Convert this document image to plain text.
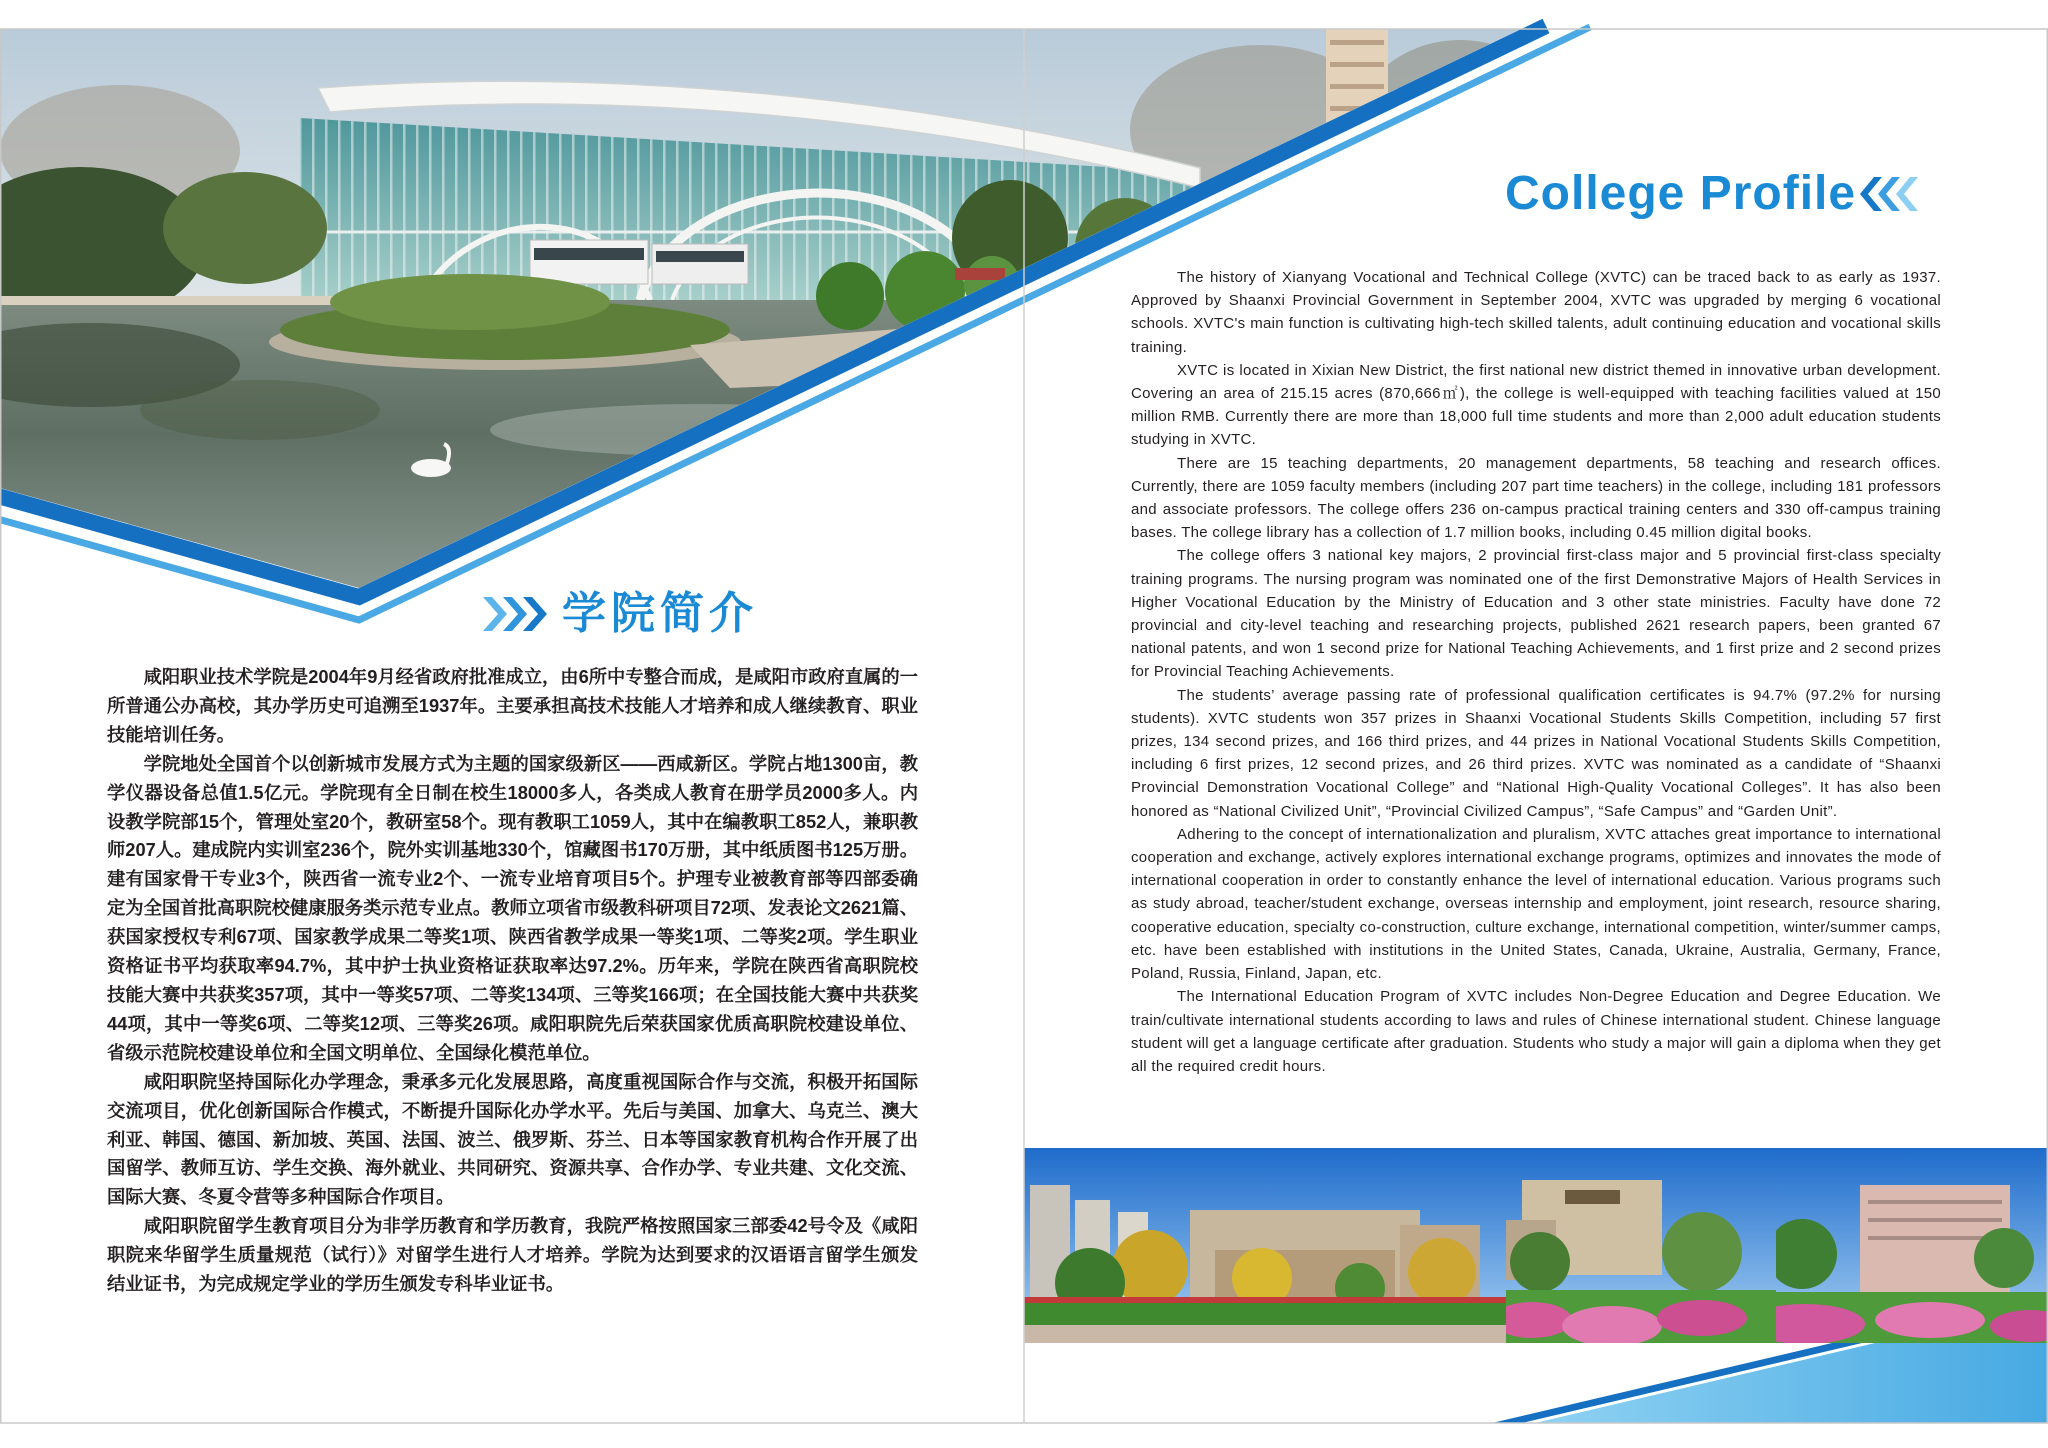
学院简介

咸阳职业技术学院是2004年9月经省政府批准成立，由6所中专整合而成，是咸阳市政府直属的一所普通公办高校，其办学历史可追溯至1937年。主要承担高技术技能人才培养和成人继续教育、职业技能培训任务。

学院地处全国首个以创新城市发展方式为主题的国家级新区——西咸新区。学院占地1300亩，教学仪器设备总值1.5亿元。学院现有全日制在校生18000多人，各类成人教育在册学员2000多人。内设教学院部15个，管理处室20个，教研室58个。现有教职工1059人，其中在编教职工852人，兼职教师207人。建成院内实训室236个，院外实训基地330个，馆藏图书170万册，其中纸质图书125万册。建有国家骨干专业3个，陕西省一流专业2个、一流专业培育项目5个。护理专业被教育部等四部委确定为全国首批高职院校健康服务类示范专业点。教师立项省市级教科研项目72项、发表论文2621篇、获国家授权专利67项、国家教学成果二等奖1项、陕西省教学成果一等奖1项、二等奖2项。学生职业资格证书平均获取率94.7%，其中护士执业资格证获取率达97.2%。历年来，学院在陕西省高职院校技能大赛中共获奖357项，其中一等奖57项、二等奖134项、三等奖166项；在全国技能大赛中共获奖44项，其中一等奖6项、二等奖12项、三等奖26项。咸阳职院先后荣获国家优质高职院校建设单位、省级示范院校建设单位和全国文明单位、全国绿化模范单位。

咸阳职院坚持国际化办学理念，秉承多元化发展思路，高度重视国际合作与交流，积极开拓国际交流项目，优化创新国际合作模式，不断提升国际化办学水平。先后与美国、加拿大、乌克兰、澳大利亚、韩国、德国、新加坡、英国、法国、波兰、俄罗斯、芬兰、日本等国家教育机构合作开展了出国留学、教师互访、学生交换、海外就业、共同研究、资源共享、合作办学、专业共建、文化交流、国际大赛、冬夏令营等多种国际合作项目。

咸阳职院留学生教育项目分为非学历教育和学历教育，我院严格按照国家三部委42号令及《咸阳职院来华留学生质量规范（试行）》对留学生进行人才培养。学院为达到要求的汉语语言留学生颁发结业证书，为完成规定学业的学历生颁发专科毕业证书。

College Profile

The history of Xianyang Vocational and Technical College (XVTC) can be traced back to as early as 1937. Approved by Shaanxi Provincial Government in September 2004, XVTC was upgraded by merging 6 vocational schools. XVTC's main function is cultivating high-tech skilled talents, adult continuing education and vocational skills training.

XVTC is located in Xixian New District, the first national new district themed in innovative urban development. Covering an area of 215.15 acres (870,666㎡), the college is well-equipped with teaching facilities valued at 150 million RMB. Currently there are more than 18,000 full time students and more than 2,000 adult education students studying in XVTC.

There are 15 teaching departments, 20 management departments, 58 teaching and research offices. Currently, there are 1059 faculty members (including 207 part time teachers) in the college, including 181 professors and associate professors. The college offers 236 on-campus practical training centers and 330 off-campus training bases. The college library has a collection of 1.7 million books, including 0.45 million digital books.

The college offers 3 national key majors, 2 provincial first-class major and 5 provincial first-class specialty training programs. The nursing program was nominated one of the first Demonstrative Majors of Health Services in Higher Vocational Education by the Ministry of Education and 3 other state ministries. Faculty have done 72 provincial and city-level teaching and researching projects, published 2621 research papers, been granted 67 national patents, and won 1 second prize for National Teaching Achievements, and 1 first prize and 2 second prizes for Provincial Teaching Achievements.

The students’ average passing rate of professional qualification certificates is 94.7% (97.2% for nursing students). XVTC students won 357 prizes in Shaanxi Vocational Students Skills Competition, including 57 first prizes, 134 second prizes, and 166 third prizes, and 44 prizes in National Vocational Students Skills Competition, including 6 first prizes, 12 second prizes, and 26 third prizes. XVTC was nominated as a candidate of “Shaanxi Provincial Demonstration Vocational College” and “National High-Quality Vocational Colleges”. It has also been honored as “National Civilized Unit”, “Provincial Civilized Campus”, “Safe Campus” and “Garden Unit”.

Adhering to the concept of internationalization and pluralism, XVTC attaches great importance to international cooperation and exchange, actively explores international exchange programs, optimizes and innovates the mode of international cooperation in order to constantly enhance the level of international education. Various programs such as study abroad, teacher/student exchange, overseas internship and employment, joint research, resource sharing, cooperative education, specialty co-construction, culture exchange, international competition, winter/summer camps, etc. have been established with institutions in the United States, Canada, Ukraine, Australia, Germany, France, Poland, Russia, Finland, Japan, etc.

The International Education Program of XVTC includes Non-Degree Education and Degree Education. We train/cultivate international students according to laws and rules of Chinese international student. Chinese language student will get a language certificate after graduation. Students who study a major will gain a diploma when they get all the required credit hours.
